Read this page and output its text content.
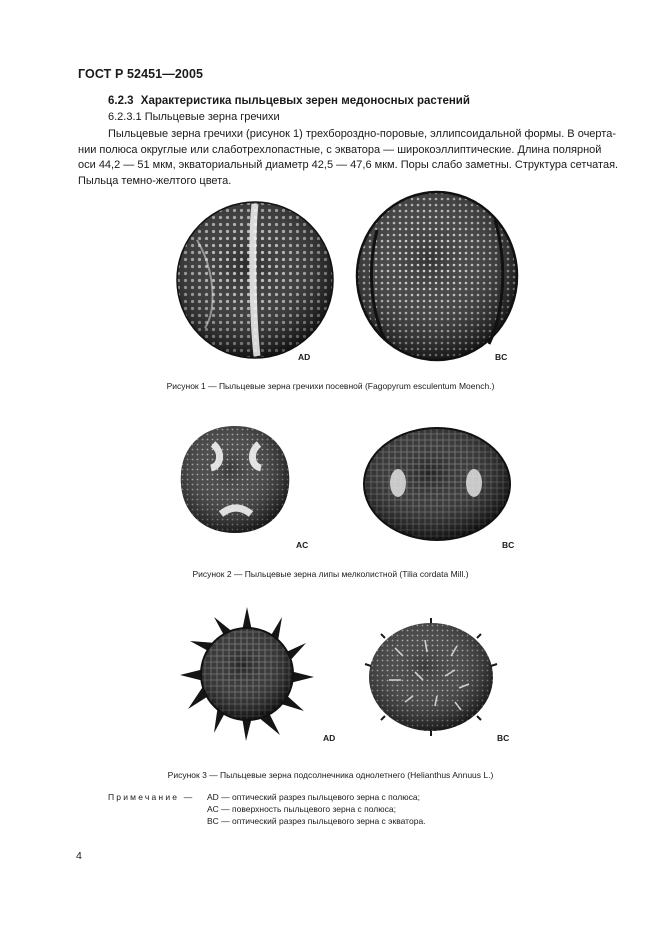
ГОСТ Р 52451—2005
6.2.3 Характеристика пыльцевых зерен медоносных растений
6.2.3.1 Пыльцевые зерна гречихи
Пыльцевые зерна гречихи (рисунок 1) трехбороздно-поровые, эллипсоидальной формы. В очерта-
нии полюса округлые или слаботрехлопастные, с экватора — широкоэллиптические. Длина полярной
оси 44,2 — 51 мкм, экваториальный диаметр 42,5 — 47,6 мкм. Поры слабо заметны. Структура сетчатая.
Пыльца темно-желтого цвета.
AD	BC
Рисунок 1 — Пыльцевые зерна гречихи посевной (Fagopyrum esculentum Moench.)
AC	BC
Рисунок 2 — Пыльцевые зерна липы мелколистной (Tilia cordata Mill.)
AD	BC
Рисунок 3 — Пыльцевые зерна подсолнечника однолетнего (Helianthus Annuus L.)
Примечание — AD — оптический разрез пыльцевого зерна с полюса;
AC — поверхность пыльцевого зерна с полюса;
BC — оптический разрез пыльцевого зерна с экватора.
4
